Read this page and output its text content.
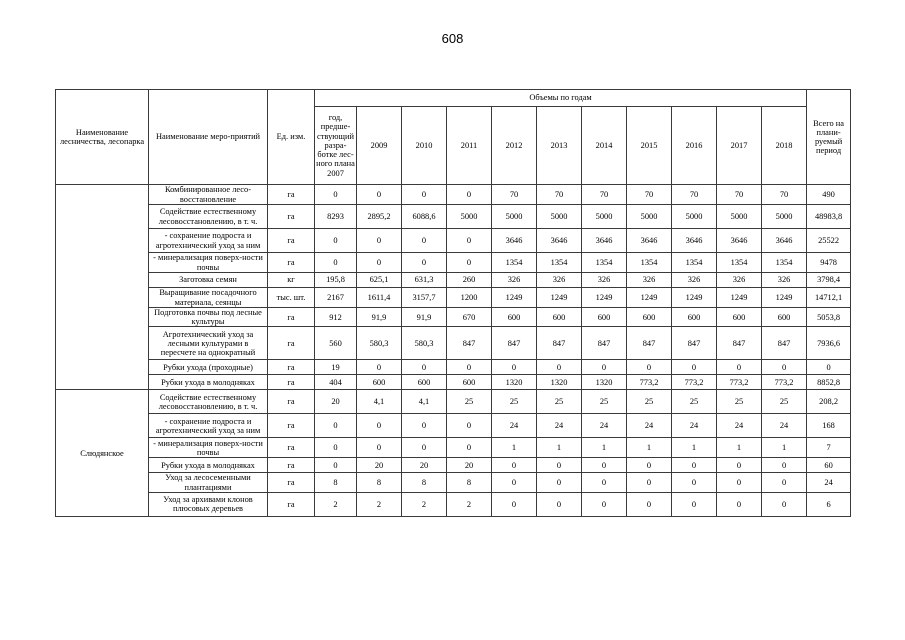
608
Наименование лесничества, лесопарка	Наименование меро-приятий	Ед. изм.	Объемы по годам											Всего на плани-руемый период
			год, предше-ствующий разра-ботке лес-ного плана 2007	2009	2010	2011	2012	2013	2014	2015	2016	2017	2018	
	Комбинированное лесо-восстановление	га	0	0	0	0	70	70	70	70	70	70	70	490
	Содействие естественному лесовосстановлению, в т. ч.	га	8293	2895,2	6088,6	5000	5000	5000	5000	5000	5000	5000	5000	48983,8
	- сохранение подроста и агротехнический уход за ним	га	0	0	0	0	3646	3646	3646	3646	3646	3646	3646	25522
	- минерализация поверх-ности почвы	га	0	0	0	0	1354	1354	1354	1354	1354	1354	1354	9478
	Заготовка семян	кг	195,8	625,1	631,3	260	326	326	326	326	326	326	326	3798,4
	Выращивание посадочного материала, сеянцы	тыс. шт.	2167	1611,4	3157,7	1200	1249	1249	1249	1249	1249	1249	1249	14712,1
	Подготовка почвы под лесные культуры	га	912	91,9	91,9	670	600	600	600	600	600	600	600	5053,8
	Агротехнический уход за лесными культурами в пересчете на однократный	га	560	580,3	580,3	847	847	847	847	847	847	847	847	7936,6
	Рубки ухода (проходные)	га	19	0	0	0	0	0	0	0	0	0	0	0
	Рубки ухода в молодняках	га	404	600	600	600	1320	1320	1320	773,2	773,2	773,2	773,2	8852,8
Слюдянское	Содействие естественному лесовосстановлению, в т. ч.	га	20	4,1	4,1	25	25	25	25	25	25	25	25	208,2
	- сохранение подроста и агротехнический уход за ним	га	0	0	0	0	24	24	24	24	24	24	24	168
	- минерализация поверх-ности почвы	га	0	0	0	0	1	1	1	1	1	1	1	7
	Рубки ухода в молодняках	га	0	20	20	20	0	0	0	0	0	0	0	60
	Уход за лесосеменными плантациями	га	8	8	8	8	0	0	0	0	0	0	0	24
	Уход за архивами клонов плюсовых деревьев	га	2	2	2	2	0	0	0	0	0	0	0	6
